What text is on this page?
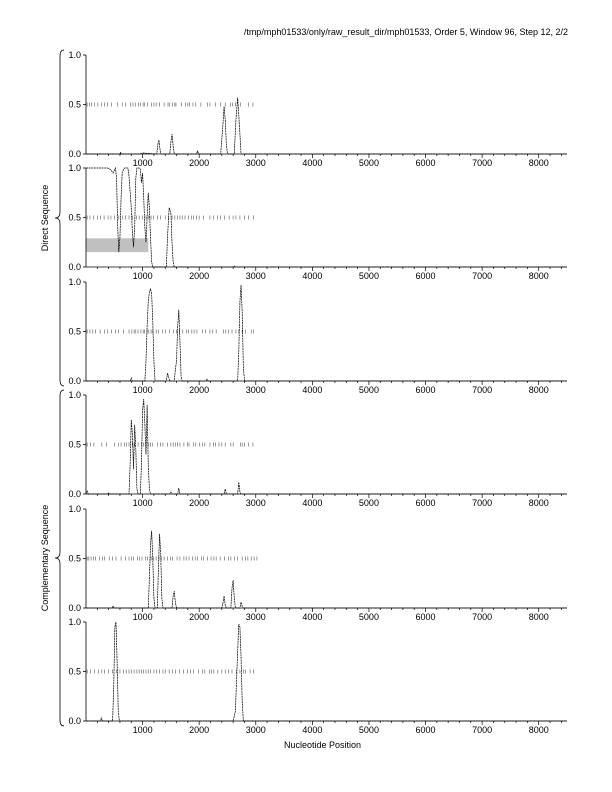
/tmp/mph01533/only/raw_result_dir/mph01533, Order 5, Window 96, Step 12, 2/2
0.0
0.5
1.0
1000	2000	3000	4000	5000	6000	7000	8000
0.0
0.5
1.0
1000	2000	3000	4000	5000	6000	7000	8000
0.0
0.5
1.0
1000	2000	3000	4000	5000	6000	7000	8000
0.0
0.5
1.0
1000	2000	3000	4000	5000	6000	7000	8000
0.0
0.5
1.0
1000	2000	3000	4000	5000	6000	7000	8000
0.0
0.5
1.0
1000	2000	3000	4000	5000	6000	7000	8000
Direct Sequence
Complementary Sequence
Nucleotide Position
